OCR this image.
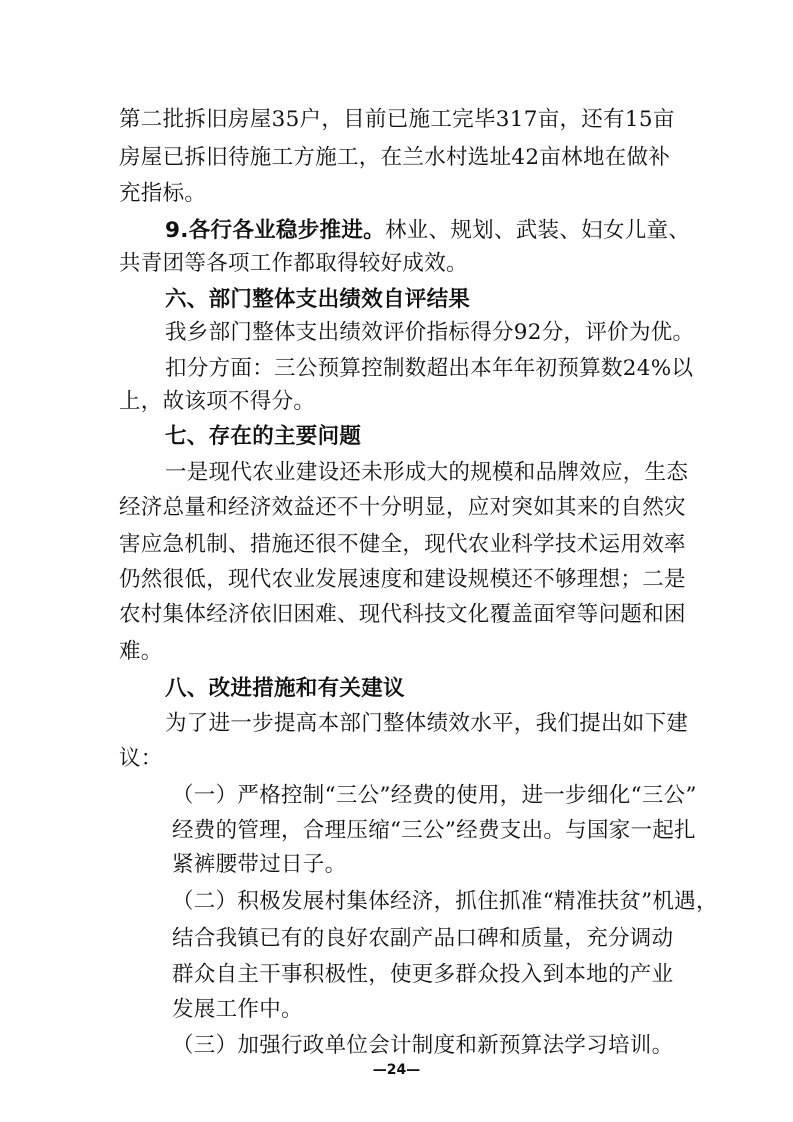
第二批拆旧房屋35户，目前已施工完毕317亩，还有15亩
房屋已拆旧待施工方施工，在兰水村选址42亩林地在做补
充指标。
9.各行各业稳步推进。林业、规划、武装、妇女儿童、
共青团等各项工作都取得较好成效。
六、部门整体支出绩效自评结果
我乡部门整体支出绩效评价指标得分92分，评价为优。
扣分方面：三公预算控制数超出本年年初预算数24%以
上，故该项不得分。
七、存在的主要问题
一是现代农业建设还未形成大的规模和品牌效应，生态
经济总量和经济效益还不十分明显，应对突如其来的自然灾
害应急机制、措施还很不健全，现代农业科学技术运用效率
仍然很低，现代农业发展速度和建设规模还不够理想；二是
农村集体经济依旧困难、现代科技文化覆盖面窄等问题和困
难。
八、改进措施和有关建议
为了进一步提高本部门整体绩效水平，我们提出如下建
议：
（一）严格控制“三公”经费的使用，进一步细化“三公”
经费的管理，合理压缩“三公”经费支出。与国家一起扎
紧裤腰带过日子。
（二）积极发展村集体经济，抓住抓准“精准扶贫”机遇，
结合我镇已有的良好农副产品口碑和质量，充分调动
群众自主干事积极性，使更多群众投入到本地的产业
发展工作中。
（三）加强行政单位会计制度和新预算法学习培训。
—24—
